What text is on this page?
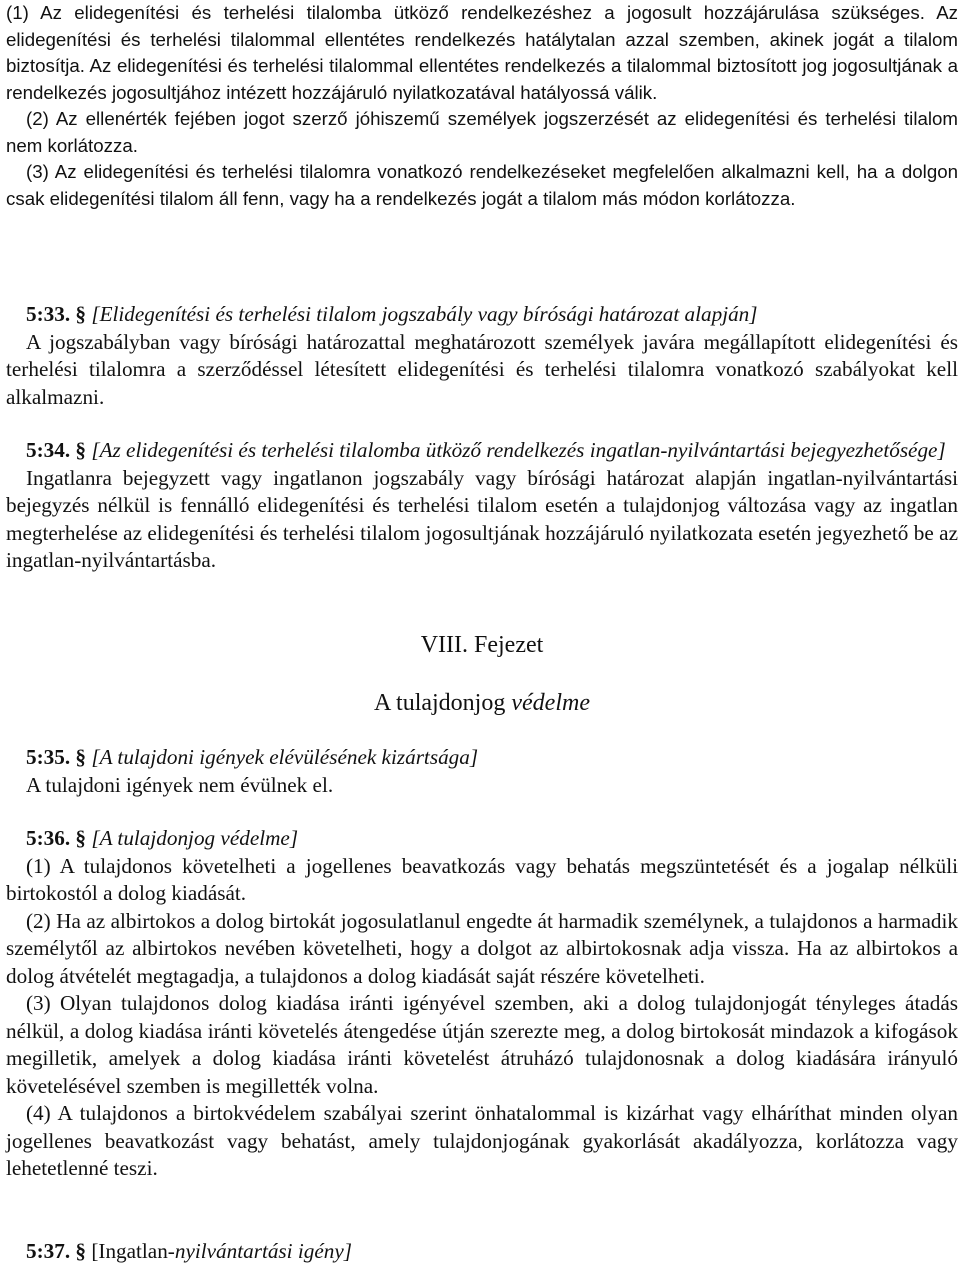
(1) Az elidegenítési és terhelési tilalomba ütköző rendelkezéshez a jogosult hozzájárulása szükséges. Az elidegenítési és terhelési tilalommal ellentétes rendelkezés hatálytalan azzal szemben, akinek jogát a tilalom biztosítja. Az elidegenítési és terhelési tilalommal ellentétes rendelkezés a tilalommal biztosított jog jogosultjának a rendelkezés jogosultjához intézett hozzájáruló nyilatkozatával hatályossá válik.

(2) Az ellenérték fejében jogot szerző jóhiszemű személyek jogszerzését az elidegenítési és terhelési tilalom nem korlátozza.

(3) Az elidegenítési és terhelési tilalomra vonatkozó rendelkezéseket megfelelően alkalmazni kell, ha a dolgon csak elidegenítési tilalom áll fenn, vagy ha a rendelkezés jogát a tilalom más módon korlátozza.

5:33. § [Elidegenítési és terhelési tilalom jogszabály vagy bírósági határozat alapján]

A jogszabályban vagy bírósági határozattal meghatározott személyek javára megállapított elidegenítési és terhelési tilalomra a szerződéssel létesített elidegenítési és terhelési tilalomra vonatkozó szabályokat kell alkalmazni.

5:34. § [Az elidegenítési és terhelési tilalomba ütköző rendelkezés ingatlan-nyilvántartási bejegyezhetősége]

Ingatlanra bejegyzett vagy ingatlanon jogszabály vagy bírósági határozat alapján ingatlan-nyilvántartási bejegyzés nélkül is fennálló elidegenítési és terhelési tilalom esetén a tulajdonjog változása vagy az ingatlan megterhelése az elidegenítési és terhelési tilalom jogosultjának hozzájáruló nyilatkozata esetén jegyezhető be az ingatlan-nyilvántartásba.

VIII. Fejezet

A tulajdonjog védelme

5:35. § [A tulajdoni igények elévülésének kizártsága]

A tulajdoni igények nem évülnek el.

5:36. § [A tulajdonjog védelme]

(1) A tulajdonos követelheti a jogellenes beavatkozás vagy behatás megszüntetését és a jogalap nélküli birtokostól a dolog kiadását.

(2) Ha az albirtokos a dolog birtokát jogosulatlanul engedte át harmadik személynek, a tulajdonos a harmadik személytől az albirtokos nevében követelheti, hogy a dolgot az albirtokosnak adja vissza. Ha az albirtokos a dolog átvételét megtagadja, a tulajdonos a dolog kiadását saját részére követelheti.

(3) Olyan tulajdonos dolog kiadása iránti igényével szemben, aki a dolog tulajdonjogát tényleges átadás nélkül, a dolog kiadása iránti követelés átengedése útján szerezte meg, a dolog birtokosát mindazok a kifogások megilletik, amelyek a dolog kiadása iránti követelést átruházó tulajdonosnak a dolog kiadására irányuló követelésével szemben is megillették volna.

(4) A tulajdonos a birtokvédelem szabályai szerint önhatalommal is kizárhat vagy elháríthat minden olyan jogellenes beavatkozást vagy behatást, amely tulajdonjogának gyakorlását akadályozza, korlátozza vagy lehetetlenné teszi.

5:37. § [Ingatlan-nyilvántartási igény]
